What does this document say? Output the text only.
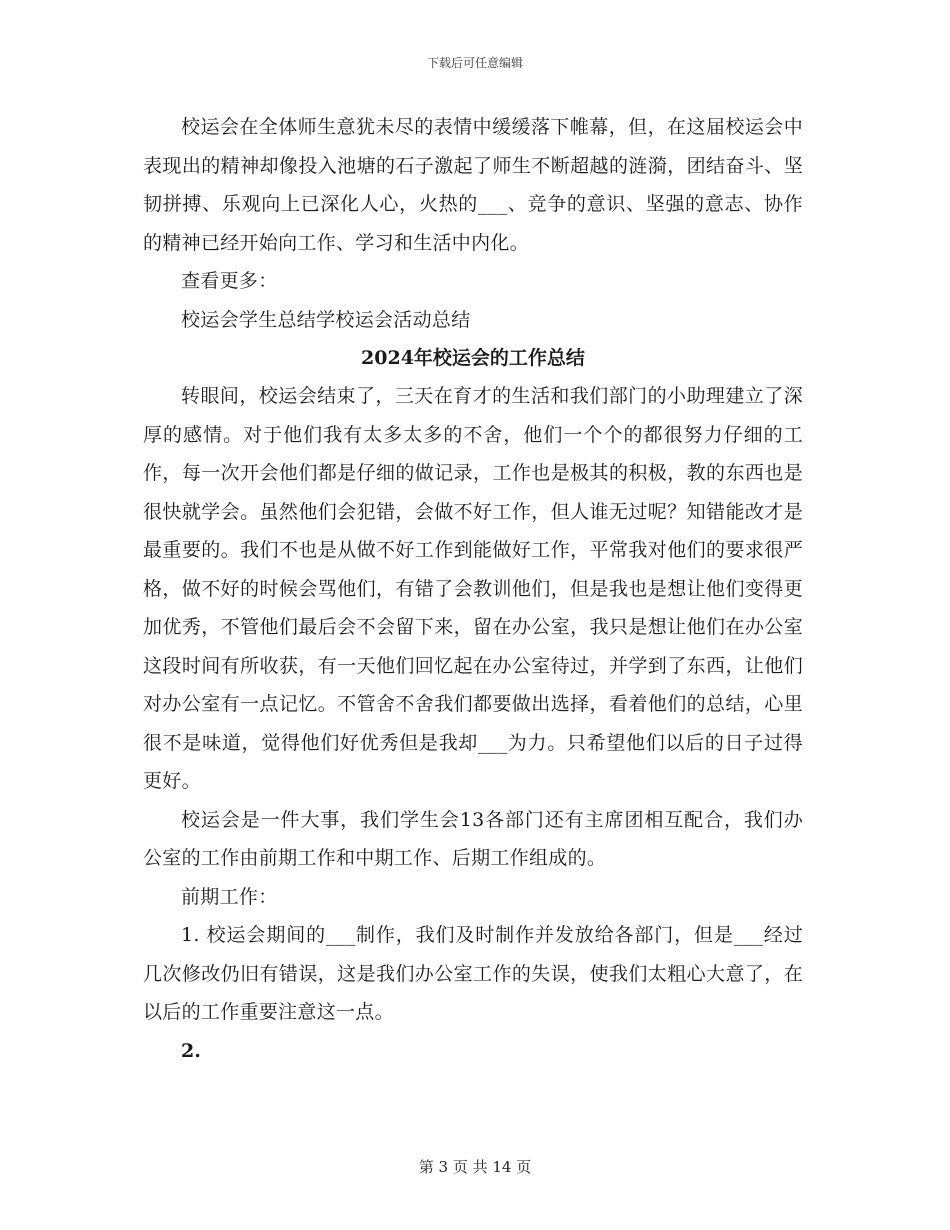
下载后可任意编辑

校运会在全体师生意犹未尽的表情中缓缓落下帷幕，但，在这届校运会中表现出的精神却像投入池塘的石子激起了师生不断超越的涟漪，团结奋斗、坚韧拼搏、乐观向上已深化人心，火热的___、竞争的意识、坚强的意志、协作的精神已经开始向工作、学习和生活中内化。

查看更多：

校运会学生总结学校运会活动总结

2024年校运会的工作总结

转眼间，校运会结束了，三天在育才的生活和我们部门的小助理建立了深厚的感情。对于他们我有太多太多的不舍，他们一个个的都很努力仔细的工作，每一次开会他们都是仔细的做记录，工作也是极其的积极，教的东西也是很快就学会。虽然他们会犯错，会做不好工作，但人谁无过呢？知错能改才是最重要的。我们不也是从做不好工作到能做好工作，平常我对他们的要求很严格，做不好的时候会骂他们，有错了会教训他们，但是我也是想让他们变得更加优秀，不管他们最后会不会留下来，留在办公室，我只是想让他们在办公室这段时间有所收获，有一天他们回忆起在办公室待过，并学到了东西，让他们对办公室有一点记忆。不管舍不舍我们都要做出选择，看着他们的总结，心里很不是味道，觉得他们好优秀但是我却___为力。只希望他们以后的日子过得更好。

校运会是一件大事，我们学生会13各部门还有主席团相互配合，我们办公室的工作由前期工作和中期工作、后期工作组成的。

前期工作：

1. 校运会期间的___制作，我们及时制作并发放给各部门，但是___经过几次修改仍旧有错误，这是我们办公室工作的失误，使我们太粗心大意了，在以后的工作重要注意这一点。

2.

第 3 页 共 14 页
